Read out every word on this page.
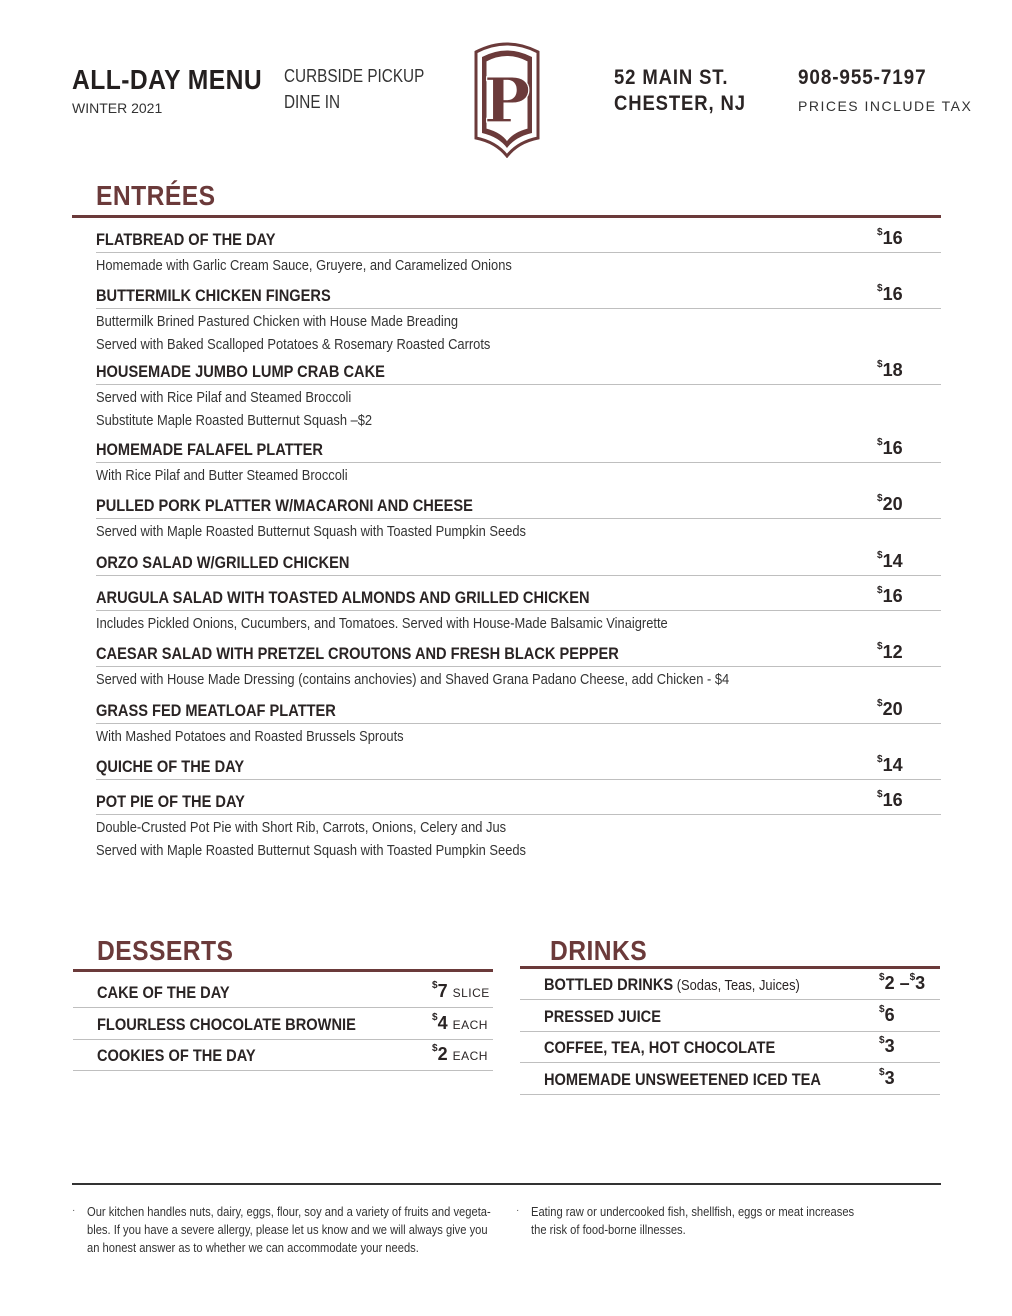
ALL-DAY MENU
WINTER 2021
CURBSIDE PICKUP
DINE IN P	52 MAIN ST.
CHESTER, NJ
908-955-7197
PRICES INCLUDE TAX
ENTRÉES
FLATBREAD OF THE DAY	$16
Homemade with Garlic Cream Sauce, Gruyere, and Caramelized Onions
BUTTERMILK CHICKEN FINGERS	$16
Buttermilk Brined Pastured Chicken with House Made Breading
Served with Baked Scalloped Potatoes & Rosemary Roasted Carrots
HOUSEMADE JUMBO LUMP CRAB CAKE	$18
Served with Rice Pilaf and Steamed Broccoli
Substitute Maple Roasted Butternut Squash –$2
HOMEMADE FALAFEL PLATTER	$16
With Rice Pilaf and Butter Steamed Broccoli
PULLED PORK PLATTER W/MACARONI AND CHEESE	$20
Served with Maple Roasted Butternut Squash with Toasted Pumpkin Seeds
ORZO SALAD W/GRILLED CHICKEN	$14
ARUGULA SALAD WITH TOASTED ALMONDS AND GRILLED CHICKEN	$16
Includes Pickled Onions, Cucumbers, and Tomatoes. Served with House-Made Balsamic Vinaigrette
CAESAR SALAD WITH PRETZEL CROUTONS AND FRESH BLACK PEPPER	$12
Served with House Made Dressing (contains anchovies) and Shaved Grana Padano Cheese, add Chicken - $4
GRASS FED MEATLOAF PLATTER	$20
With Mashed Potatoes and Roasted Brussels Sprouts
QUICHE OF THE DAY	$14
POT PIE OF THE DAY	$16
Double-Crusted Pot Pie with Short Rib, Carrots, Onions, Celery and Jus
Served with Maple Roasted Butternut Squash with Toasted Pumpkin Seeds
DESSERTS
CAKE OF THE DAY	$7 SLICE
FLOURLESS CHOCOLATE BROWNIE	$4 EACH
COOKIES OF THE DAY	$2 EACH
DRINKS
BOTTLED DRINKS (Sodas, Teas, Juices)	$2 –$3
PRESSED JUICE	$6
COFFEE, TEA, HOT CHOCOLATE	$3
HOMEMADE UNSWEETENED ICED TEA	$3
· Our kitchen handles nuts, dairy, eggs, flour, soy and a variety of fruits and vegeta-
bles. If you have a severe allergy, please let us know and we will always give you
an honest answer as to whether we can accommodate your needs.
· Eating raw or undercooked fish, shellfish, eggs or meat increases
the risk of food-borne illnesses.
